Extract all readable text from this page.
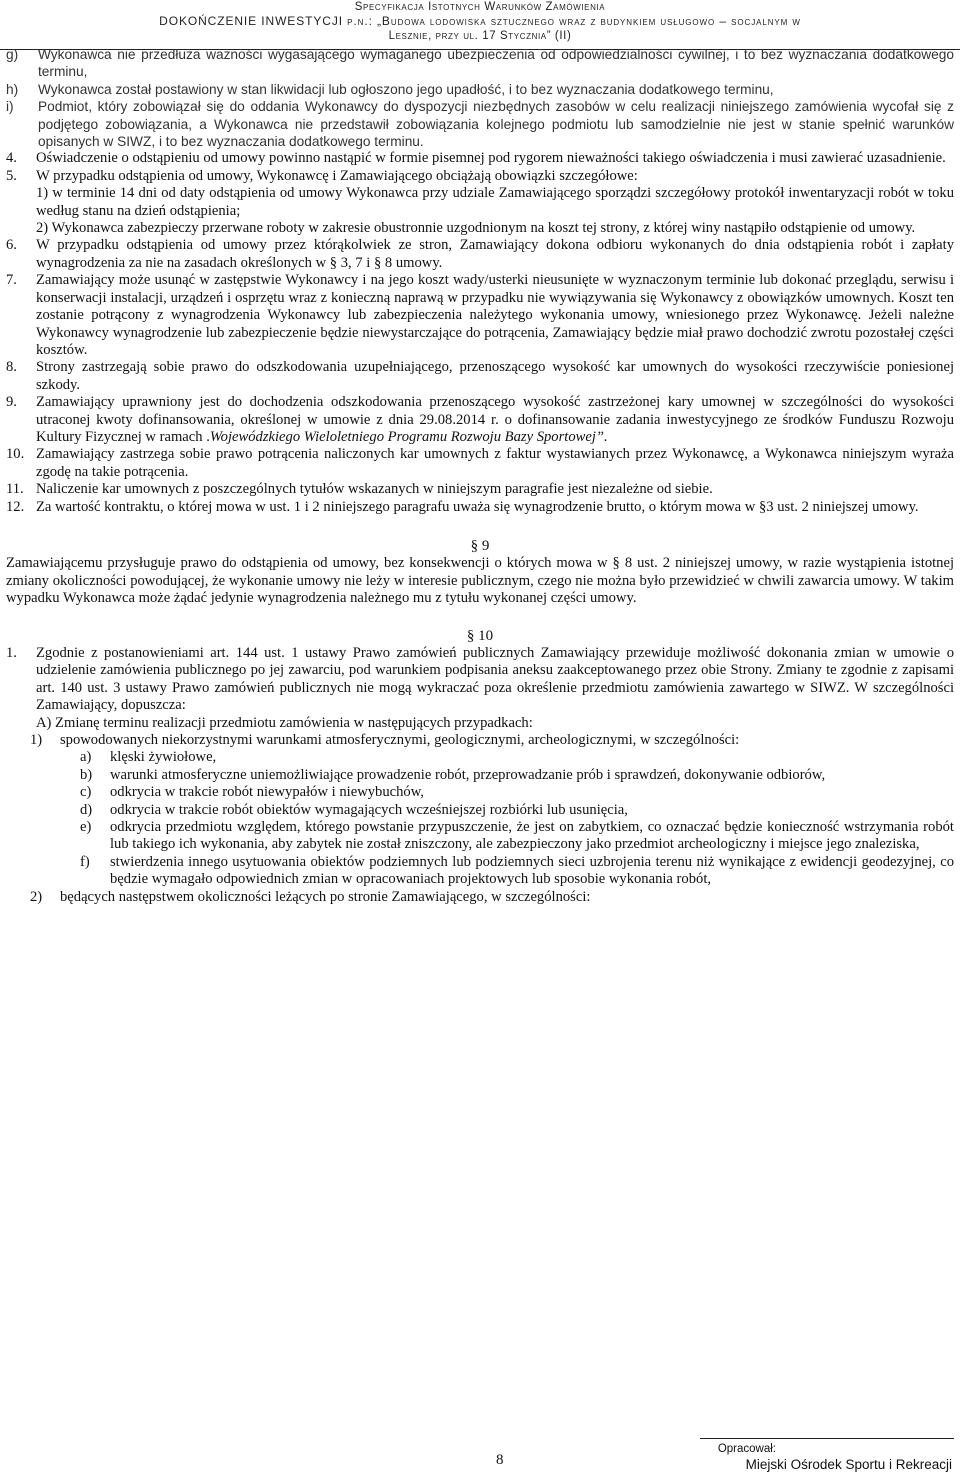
Specyfikacja Istotnych Warunków Zamówienia
DOKOŃCZENIE INWESTYCJI p.n.: „Budowa lodowiska sztucznego wraz z budynkiem usługowo – socjalnym w
Lesznie, przy ul. 17 Stycznia” (II)
g)	Wykonawca nie przedłuża ważności wygasającego wymaganego ubezpieczenia od odpowiedzialności cywilnej, i to bez wyznaczania dodatkowego terminu,
h)	Wykonawca został postawiony w stan likwidacji lub ogłoszono jego upadłość, i to bez wyznaczania dodatkowego terminu,
i)	Podmiot, który zobowiązał się do oddania Wykonawcy do dyspozycji niezbędnych zasobów w celu realizacji niniejszego zamówienia wycofał się z podjętego zobowiązania, a Wykonawca nie przedstawił zobowiązania kolejnego podmiotu lub samodzielnie nie jest w stanie spełnić warunków opisanych w SIWZ, i to bez wyznaczania dodatkowego terminu.
4.	Oświadczenie o odstąpieniu od umowy powinno nastąpić w formie pisemnej pod rygorem nieważności takiego oświadczenia i musi zawierać uzasadnienie.
5.	W przypadku odstąpienia od umowy, Wykonawcę i Zamawiającego obciążają obowiązki szczegółowe:

1) w terminie 14 dni od daty odstąpienia od umowy Wykonawca przy udziale Zamawiającego sporządzi szczegółowy protokół inwentaryzacji robót w toku według stanu na dzień odstąpienia;

2) Wykonawca zabezpieczy przerwane roboty w zakresie obustronnie uzgodnionym na koszt tej strony, z której winy nastąpiło odstąpienie od umowy.

6.	W przypadku odstąpienia od umowy przez którąkolwiek ze stron, Zamawiający dokona odbioru wykonanych do dnia odstąpienia robót i zapłaty wynagrodzenia za nie na zasadach określonych w § 3, 7 i § 8 umowy.
7.	Zamawiający może usunąć w zastępstwie Wykonawcy i na jego koszt wady/usterki nieusunięte w wyznaczonym terminie lub dokonać przeglądu, serwisu i konserwacji instalacji, urządzeń i osprzętu wraz z konieczną naprawą w przypadku nie wywiązywania się Wykonawcy z obowiązków umownych. Koszt ten zostanie potrącony z wynagrodzenia Wykonawcy lub zabezpieczenia należytego wykonania umowy, wniesionego przez Wykonawcę. Jeżeli należne Wykonawcy wynagrodzenie lub zabezpieczenie będzie niewystarczające do potrącenia, Zamawiający będzie miał prawo dochodzić zwrotu pozostałej części kosztów.
8.	Strony zastrzegają sobie prawo do odszkodowania uzupełniającego, przenoszącego wysokość kar umownych do wysokości rzeczywiście poniesionej szkody.
9.	Zamawiający uprawniony jest do dochodzenia odszkodowania przenoszącego wysokość zastrzeżonej kary umownej w szczególności do wysokości utraconej kwoty dofinansowania, określonej w umowie z dnia 29.08.2014 r. o dofinansowanie zadania inwestycyjnego ze środków Funduszu Rozwoju Kultury Fizycznej w ramach .Wojewódzkiego Wieloletniego Programu Rozwoju Bazy Sportowej”.
10. Zamawiający zastrzega sobie prawo potrącenia naliczonych kar umownych z faktur wystawianych przez Wykonawcę, a Wykonawca niniejszym wyraża zgodę na takie potrącenia.
11. Naliczenie kar umownych z poszczególnych tytułów wskazanych w niniejszym paragrafie jest niezależne od siebie.
12. Za wartość kontraktu, o której mowa w ust. 1 i 2 niniejszego paragrafu uważa się wynagrodzenie brutto, o którym mowa w §3 ust. 2 niniejszej umowy.
§ 9

Zamawiającemu przysługuje prawo do odstąpienia od umowy, bez konsekwencji o których mowa w § 8 ust. 2 niniejszej umowy, w razie wystąpienia istotnej zmiany okoliczności powodującej, że wykonanie umowy nie leży w interesie publicznym, czego nie można było przewidzieć w chwili zawarcia umowy. W takim wypadku Wykonawca może żądać jedynie wynagrodzenia należnego mu z tytułu wykonanej części umowy.

§ 10
1.	Zgodnie z postanowieniami art. 144 ust. 1 ustawy Prawo zamówień publicznych Zamawiający przewiduje możliwość dokonania zmian w umowie o udzielenie zamówienia publicznego po jej zawarciu, pod warunkiem podpisania aneksu zaakceptowanego przez obie Strony. Zmiany te zgodnie z zapisami art. 140 ust. 3 ustawy Prawo zamówień publicznych nie mogą wykraczać poza określenie przedmiotu zamówienia zawartego w SIWZ. W szczególności Zamawiający, dopuszcza:

A) Zmianę terminu realizacji przedmiotu zamówienia w następujących przypadkach:

1)	spowodowanych niekorzystnymi warunkami atmosferycznymi, geologicznymi, archeologicznymi, w szczególności:
a)	klęski żywiołowe,
b)	warunki atmosferyczne uniemożliwiające prowadzenie robót, przeprowadzanie prób i sprawdzeń, dokonywanie odbiorów,
c)	odkrycia w trakcie robót niewypałów i niewybuchów,
d)	odkrycia w trakcie robót obiektów wymagających wcześniejszej rozbiórki lub usunięcia,
e)	odkrycia przedmiotu względem, którego powstanie przypuszczenie, że jest on zabytkiem, co oznaczać będzie konieczność wstrzymania robót lub takiego ich wykonania, aby zabytek nie został zniszczony, ale zabezpieczony jako przedmiot archeologiczny i miejsce jego znaleziska,
f)	stwierdzenia innego usytuowania obiektów podziemnych lub podziemnych sieci uzbrojenia terenu niż wynikające z ewidencji geodezyjnej, co będzie wymagało odpowiednich zmian w opracowaniach projektowych lub sposobie wykonania robót,
2)	będących następstwem okoliczności leżących po stronie Zamawiającego, w szczególności:
8
Opracował:
Miejski Ośrodek Sportu i Rekreacji
